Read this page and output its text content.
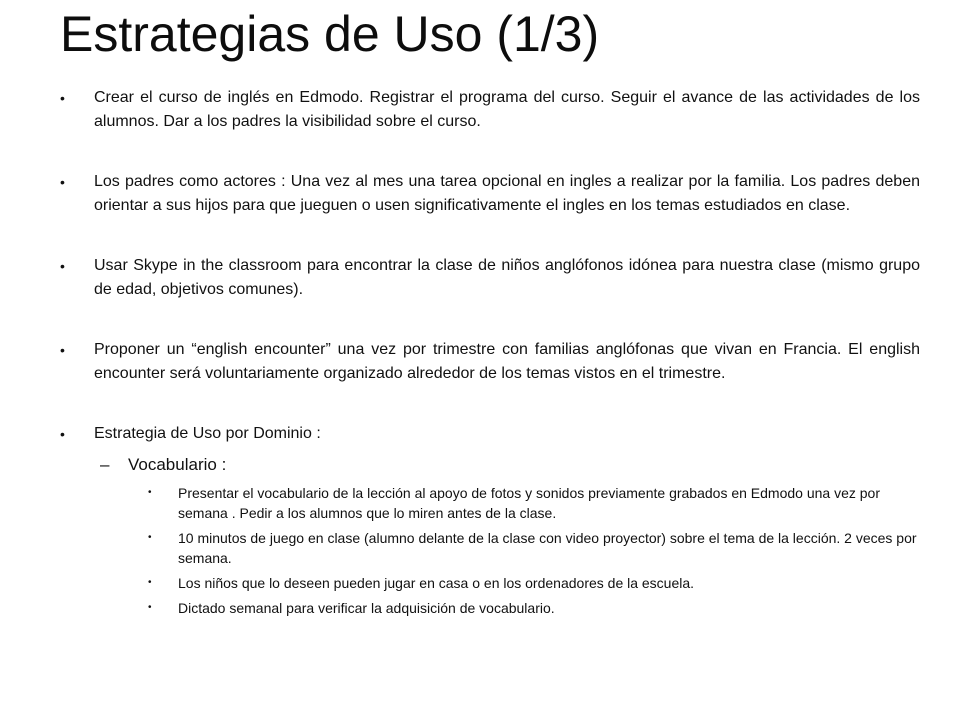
Estrategias de Uso (1/3)
• Crear el curso de inglés en Edmodo. Registrar el programa del curso. Seguir el avance de las actividades de los alumnos. Dar a los padres la visibilidad sobre el curso.
• Los padres como actores : Una vez al mes una tarea opcional en ingles a realizar por la familia. Los padres deben orientar a sus hijos para que jueguen o usen significativamente el ingles en los temas estudiados en clase.
• Usar Skype in the classroom para encontrar la clase de niños anglófonos idónea para nuestra clase (mismo grupo de edad, objetivos comunes).
• Proponer un “english encounter” una vez por trimestre con familias anglófonas que vivan en Francia. El english encounter será voluntariamente organizado alrededor de los temas vistos en el trimestre.
• Estrategia de Uso por Dominio :
– Vocabulario :
• Presentar el vocabulario de la lección al apoyo de fotos y sonidos previamente grabados en Edmodo una vez por semana . Pedir a los alumnos que lo miren antes de la clase.
• 10 minutos de juego en clase (alumno delante de la clase con video proyector) sobre el tema de la lección. 2 veces por semana.
• Los niños que lo deseen pueden jugar en casa o en los ordenadores de la escuela.
• Dictado semanal para verificar la adquisición de vocabulario.
